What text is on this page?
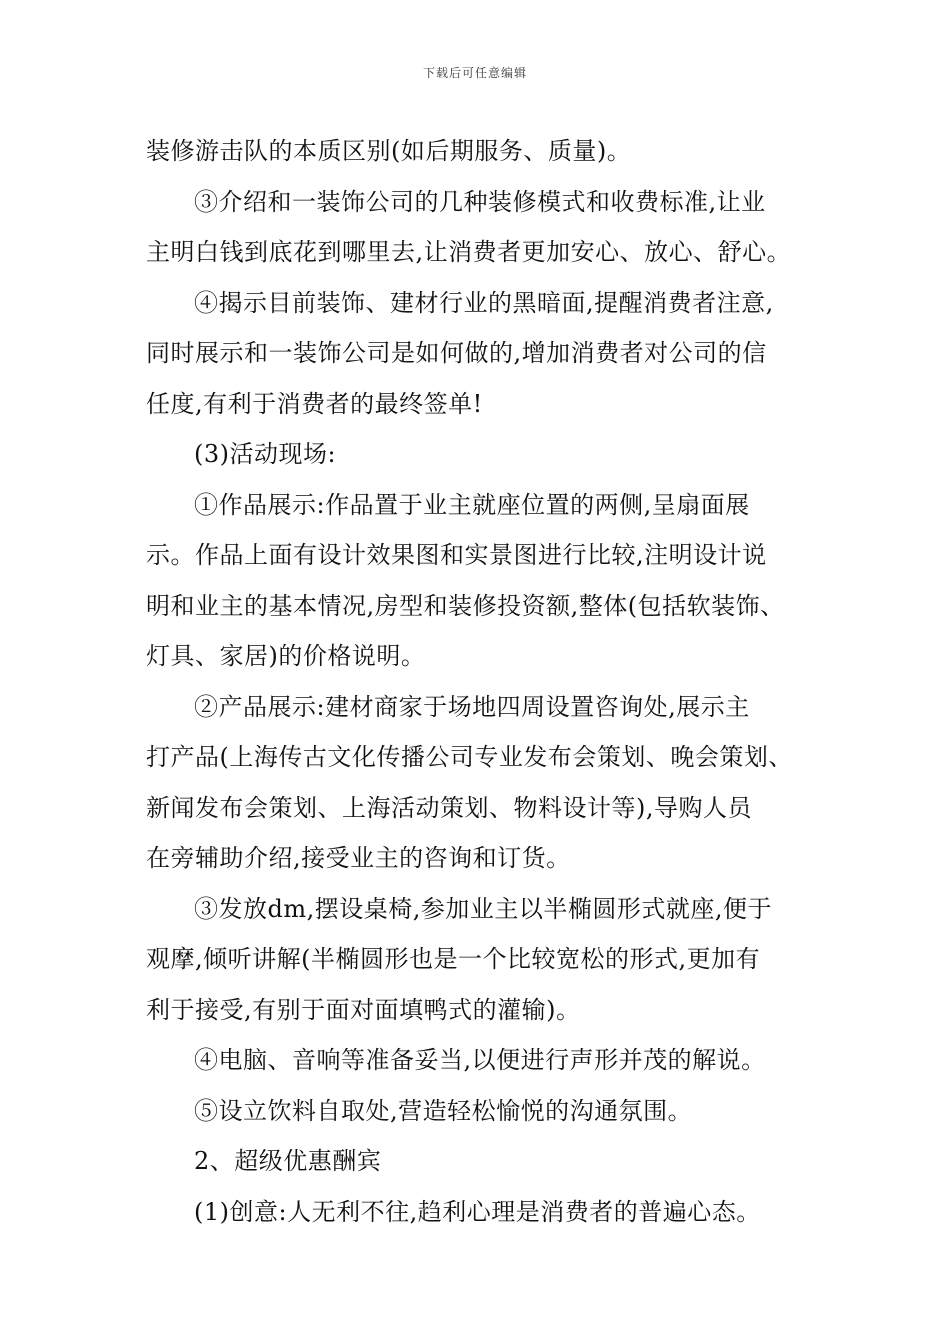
下载后可任意编辑
装修游击队的本质区别(如后期服务、质量)。
③介绍和一装饰公司的几种装修模式和收费标准,让业
主明白钱到底花到哪里去,让消费者更加安心、放心、舒心。
④揭示目前装饰、建材行业的黑暗面,提醒消费者注意,
同时展示和一装饰公司是如何做的,增加消费者对公司的信
任度,有利于消费者的最终签单!
(3)活动现场:
①作品展示:作品置于业主就座位置的两侧,呈扇面展
示。作品上面有设计效果图和实景图进行比较,注明设计说
明和业主的基本情况,房型和装修投资额,整体(包括软装饰、
灯具、家居)的价格说明。
②产品展示:建材商家于场地四周设置咨询处,展示主
打产品(上海传古文化传播公司专业发布会策划、晚会策划、
新闻发布会策划、上海活动策划、物料设计等),导购人员
在旁辅助介绍,接受业主的咨询和订货。
③发放dm,摆设桌椅,参加业主以半椭圆形式就座,便于
观摩,倾听讲解(半椭圆形也是一个比较宽松的形式,更加有
利于接受,有别于面对面填鸭式的灌输)。
④电脑、音响等准备妥当,以便进行声形并茂的解说。
⑤设立饮料自取处,营造轻松愉悦的沟通氛围。
2、超级优惠酬宾
(1)创意:人无利不往,趋利心理是消费者的普遍心态。
